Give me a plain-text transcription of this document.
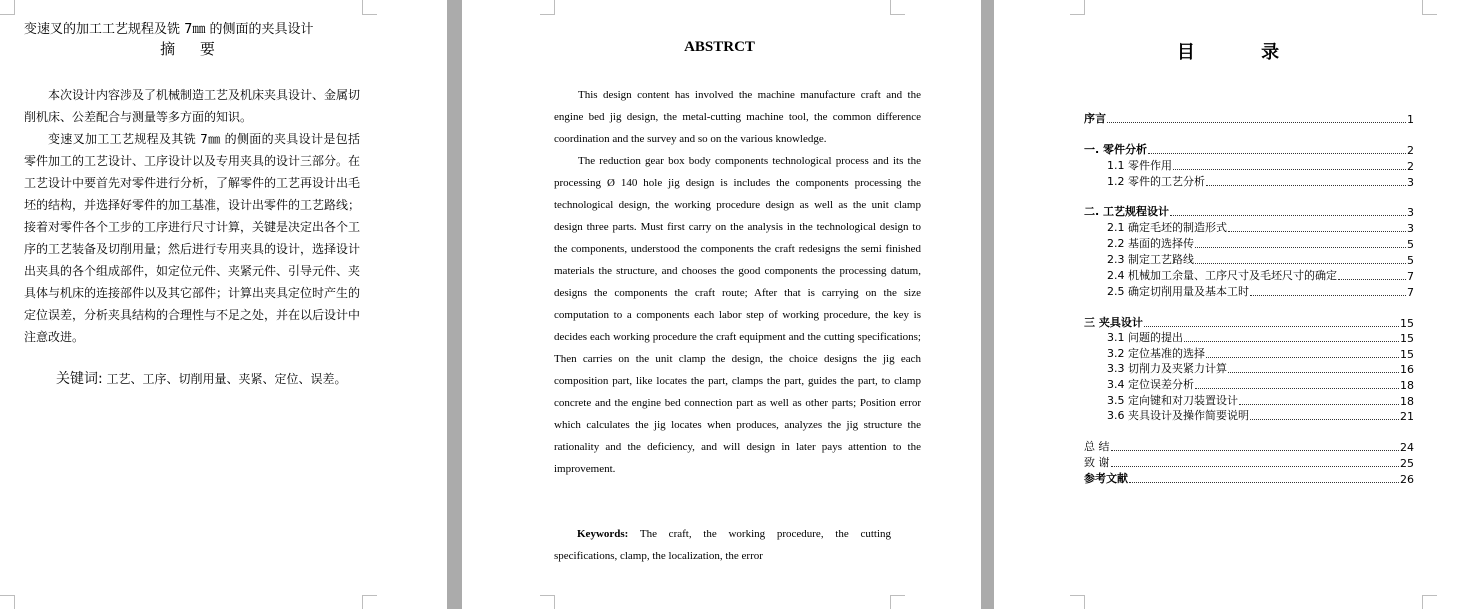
变速叉的加工工艺规程及铣 7㎜ 的侧面的夹具设计
摘 要

本次设计内容涉及了机械制造工艺及机床夹具设计、金属切削机床、公差配合与测量等多方面的知识。

变速叉加工工艺规程及其铣 7㎜ 的侧面的夹具设计是包括零件加工的工艺设计、工序设计以及专用夹具的设计三部分。在工艺设计中要首先对零件进行分析，了解零件的工艺再设计出毛坯的结构，并选择好零件的加工基准，设计出零件的工艺路线；接着对零件各个工步的工序进行尺寸计算，关键是决定出各个工序的工艺装备及切削用量；然后进行专用夹具的设计，选择设计出夹具的各个组成部件，如定位元件、夹紧元件、引导元件、夹具体与机床的连接部件以及其它部件；计算出夹具定位时产生的定位误差，分析夹具结构的合理性与不足之处，并在以后设计中注意改进。

关键词: 工艺、工序、切削用量、夹紧、定位、误差。
ABSTRCT

This design content has involved the machine manufacture craft and the engine bed jig design, the metal-cutting machine tool, the common difference coordination and the survey and so on the various knowledge.

The reduction gear box body components technological process and its the processing Ø 140 hole jig design is includes the components processing the technological design, the working procedure design as well as the unit clamp design three parts. Must first carry on the analysis in the technological design to the components, understood the components the craft redesigns the semi finished materials the structure, and chooses the good components the processing datum, designs the components the craft route; After that is carrying on the size computation to a components each labor step of working procedure, the key is decides each working procedure the craft equipment and the cutting specifications; Then carries on the unit clamp the design, the choice designs the jig each composition part, like locates the part, clamps the part, guides the part, to clamp concrete and the engine bed connection part as well as other parts; Position error which calculates the jig locates when produces, analyzes the jig structure the rationality and the deficiency, and will design in later pays attention to the improvement.

Keywords: The craft, the working procedure, the cutting specifications, clamp, the localization, the error
目 录
序言	1
一. 零件分析	2
1.1 零件作用	2
1.2 零件的工艺分析	3
二. 工艺规程设计	3
2.1 确定毛坯的制造形式	3
2.2 基面的选择传	5
2.3 制定工艺路线	5
2.4 机械加工余量、工序尺寸及毛坯尺寸的确定	7
2.5 确定切削用量及基本工时	7
三 夹具设计	15
3.1 问题的提出	15
3.2 定位基准的选择	15
3.3 切削力及夹紧力计算	16
3.4 定位误差分析	18
3.5 定向键和对刀装置设计	18
3.6 夹具设计及操作简要说明	21
总 结	24
致 谢	25
参考文献	26
